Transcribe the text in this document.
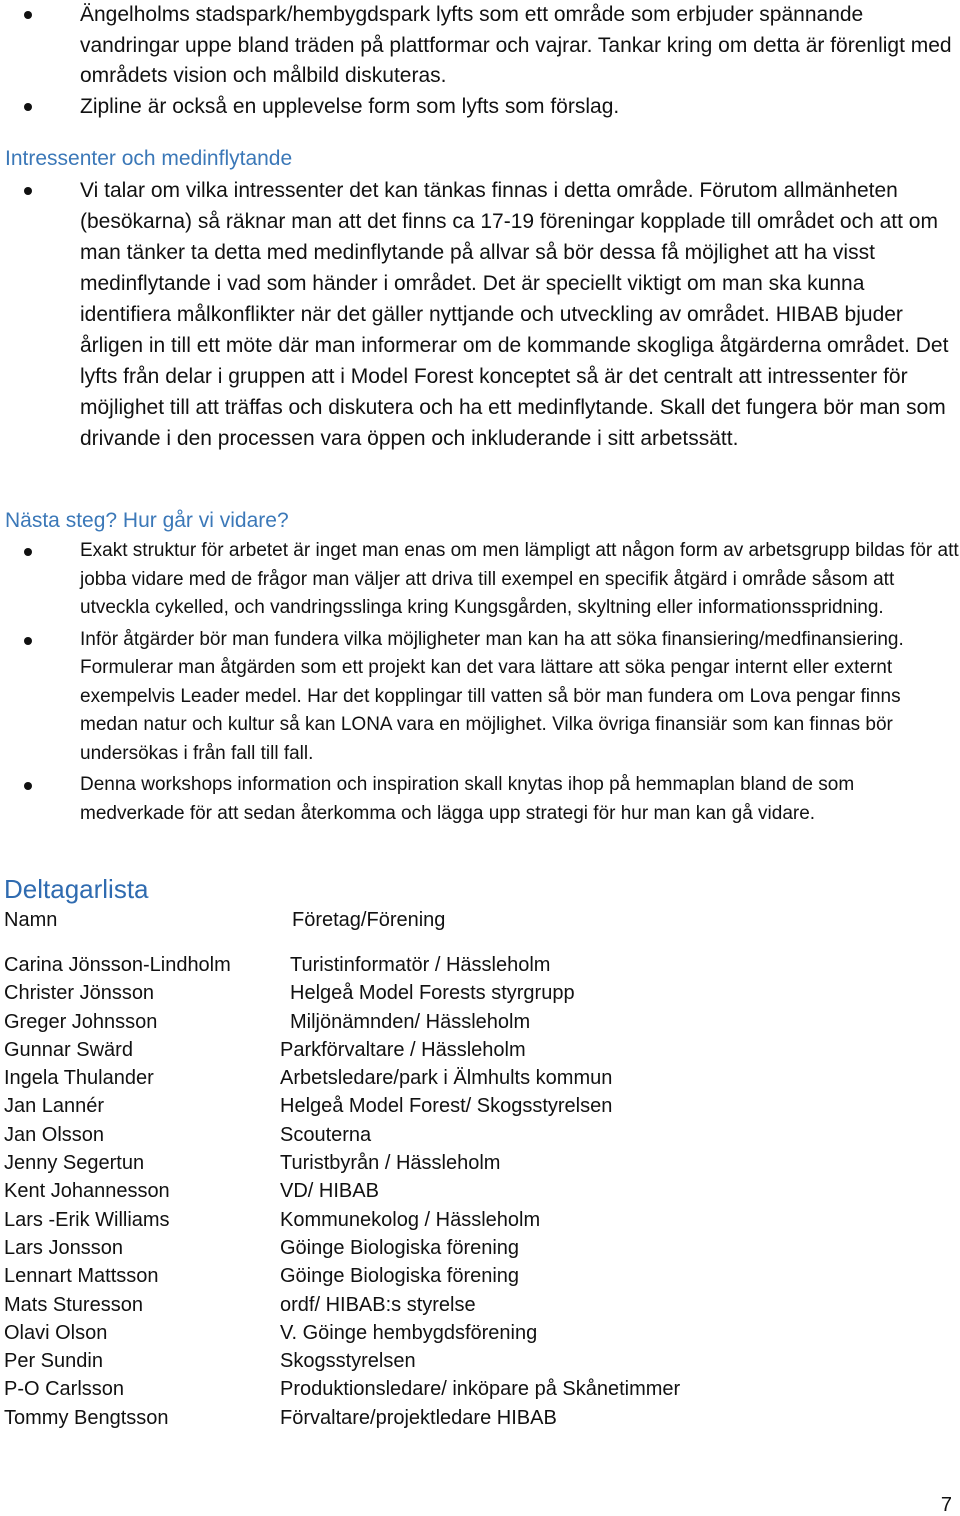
Ängelholms stadspark/hembygdspark lyfts som ett område som erbjuder spännande vandringar uppe bland träden på plattformar och vajrar. Tankar kring om detta är förenligt med områdets vision och målbild diskuteras.
Zipline är också en upplevelse form som lyfts som förslag.
Intressenter och medinflytande
Vi talar om vilka intressenter det kan tänkas finnas i detta område. Förutom allmänheten (besökarna) så räknar man att det finns ca 17-19 föreningar kopplade till området och att om man tänker ta detta med medinflytande på allvar så bör dessa få möjlighet att ha visst medinflytande i vad som händer i området. Det är speciellt viktigt om man ska kunna identifiera målkonflikter när det gäller nyttjande och utveckling av området. HIBAB bjuder årligen in till ett möte där man informerar om de kommande skogliga åtgärderna området. Det lyfts från delar i gruppen att i Model Forest konceptet så är det centralt att intressenter för möjlighet till att träffas och diskutera och ha ett medinflytande. Skall det fungera bör man som drivande i den processen vara öppen och inkluderande i sitt arbetssätt.
Nästa steg? Hur går vi vidare?
Exakt struktur för arbetet är inget man enas om men lämpligt att någon form av arbetsgrupp bildas för att jobba vidare med de frågor man väljer att driva till exempel en specifik åtgärd i område såsom att utveckla cykelled, och vandringsslinga kring Kungsgården, skyltning eller informationsspridning.
Inför åtgärder bör man fundera vilka möjligheter man kan ha att söka finansiering/medfinansiering. Formulerar man åtgärden som ett projekt kan det vara lättare att söka pengar internt eller externt exempelvis Leader medel. Har det kopplingar till vatten så bör man fundera om Lova pengar finns medan natur och kultur så kan LONA vara en möjlighet. Vilka övriga finansiär som kan finnas bör undersökas i från fall till fall.
Denna workshops information och inspiration skall knytas ihop på hemmaplan bland de som medverkade för att sedan återkomma och lägga upp strategi för hur man kan gå vidare.
Deltagarlista
Namn	Företag/Förening
Carina Jönsson-Lindholm	Turistinformatör / Hässleholm
Christer Jönsson	Helgeå Model Forests styrgrupp
Greger Johnsson	Miljönämnden/ Hässleholm
Gunnar Swärd	Parkförvaltare / Hässleholm
Ingela Thulander	Arbetsledare/park i Älmhults kommun
Jan Lannér	Helgeå Model Forest/ Skogsstyrelsen
Jan Olsson	Scouterna
Jenny Segertun	Turistbyrån / Hässleholm
Kent Johannesson	VD/ HIBAB
Lars -Erik Williams	Kommunekolog / Hässleholm
Lars Jonsson	Göinge Biologiska förening
Lennart Mattsson	Göinge Biologiska förening
Mats Sturesson	ordf/ HIBAB:s styrelse
Olavi Olson	V. Göinge hembygdsförening
Per Sundin	Skogsstyrelsen
P-O Carlsson	Produktionsledare/ inköpare på Skånetimmer
Tommy Bengtsson	Förvaltare/projektledare HIBAB
7
